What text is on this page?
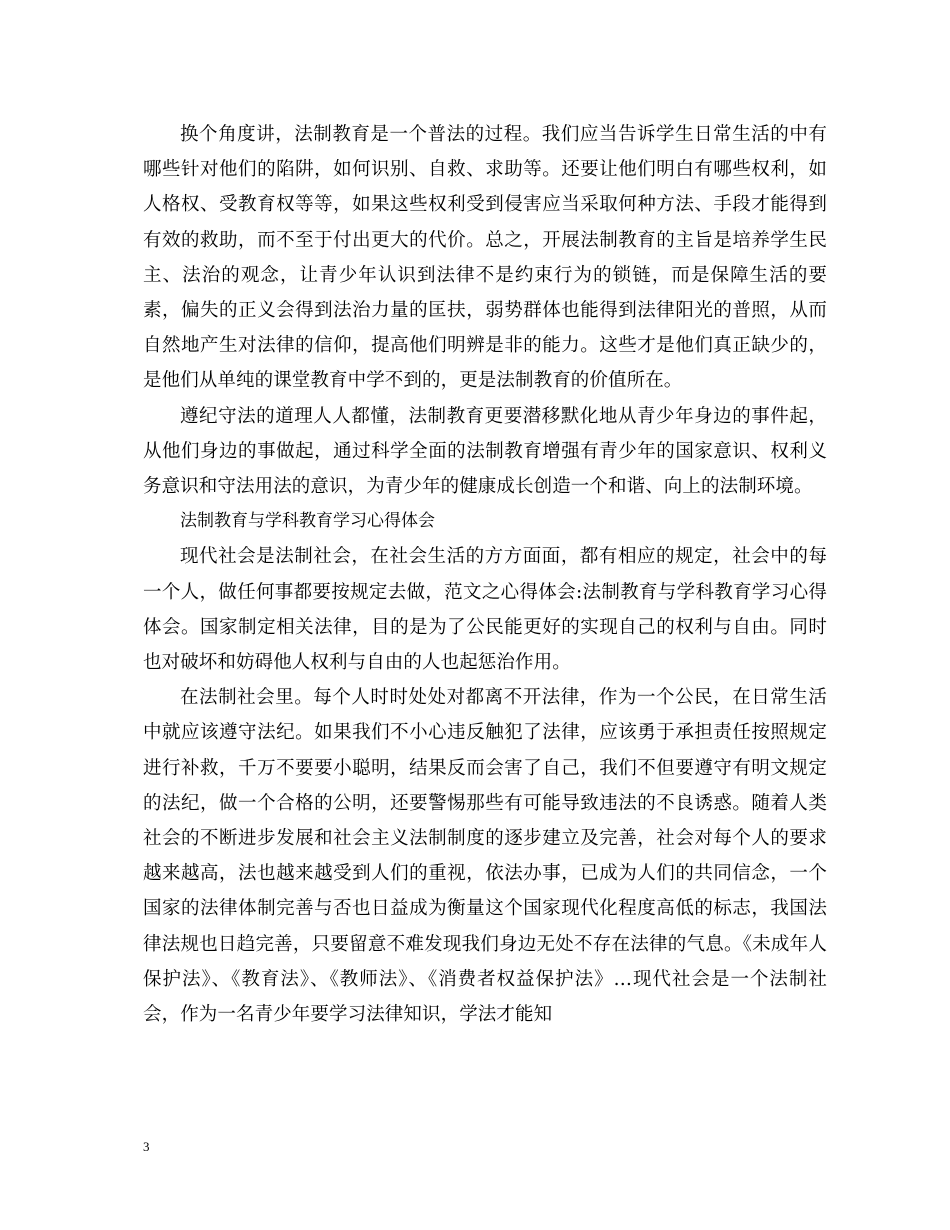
换个角度讲，法制教育是一个普法的过程。我们应当告诉学生日常生活的中有哪些针对他们的陷阱，如何识别、自救、求助等。还要让他们明白有哪些权利，如人格权、受教育权等等，如果这些权利受到侵害应当采取何种方法、手段才能得到有效的救助，而不至于付出更大的代价。总之，开展法制教育的主旨是培养学生民主、法治的观念，让青少年认识到法律不是约束行为的锁链，而是保障生活的要素，偏失的正义会得到法治力量的匡扶，弱势群体也能得到法律阳光的普照，从而自然地产生对法律的信仰，提高他们明辨是非的能力。这些才是他们真正缺少的，是他们从单纯的课堂教育中学不到的，更是法制教育的价值所在。

遵纪守法的道理人人都懂，法制教育更要潜移默化地从青少年身边的事件起，从他们身边的事做起，通过科学全面的法制教育增强有青少年的国家意识、权利义务意识和守法用法的意识，为青少年的健康成长创造一个和谐、向上的法制环境。

法制教育与学科教育学习心得体会

现代社会是法制社会，在社会生活的方方面面，都有相应的规定，社会中的每一个人，做任何事都要按规定去做，范文之心得体会:法制教育与学科教育学习心得体会。国家制定相关法律，目的是为了公民能更好的实现自己的权利与自由。同时也对破坏和妨碍他人权利与自由的人也起惩治作用。

在法制社会里。每个人时时处处对都离不开法律，作为一个公民，在日常生活中就应该遵守法纪。如果我们不小心违反触犯了法律，应该勇于承担责任按照规定进行补救，千万不要要小聪明，结果反而会害了自己，我们不但要遵守有明文规定的法纪，做一个合格的公明，还要警惕那些有可能导致违法的不良诱惑。随着人类社会的不断进步发展和社会主义法制制度的逐步建立及完善，社会对每个人的要求越来越高，法也越来越受到人们的重视，依法办事，已成为人们的共同信念，一个国家的法律体制完善与否也日益成为衡量这个国家现代化程度高低的标志，我国法律法规也日趋完善，只要留意不难发现我们身边无处不存在法律的气息。《未成年人保护法》、《教育法》、《教师法》、《消费者权益保护法》…现代社会是一个法制社会，作为一名青少年要学习法律知识，学法才能知

3
